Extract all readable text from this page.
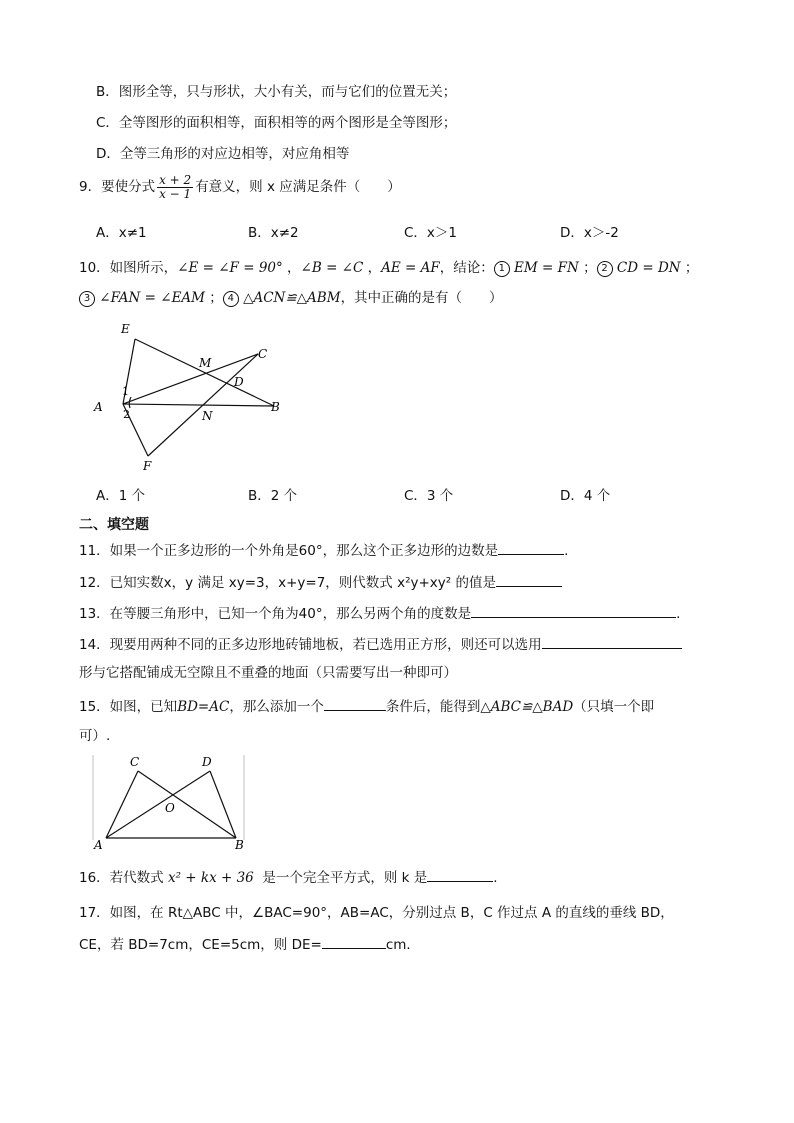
B．图形全等，只与形状，大小有关，而与它们的位置无关；
C．全等图形的面积相等，面积相等的两个图形是全等图形；
D．全等三角形的对应边相等，对应角相等
9．要使分式 $\frac{x + 2}{x - 1}$ 有意义，则 x 应满足条件（　　）
A．x≠1	B．x≠2	C．x＞1	D．x＞-2
10．如图所示，∠E = ∠F = 90° ，∠B = ∠C ，AE = AF，结论： 1 EM = FN ； 2 CD = DN ；
3 ∠FAN = ∠EAM ； 4 △ACN≌△ABM，其中正确的是有（　　）
E
C
M
D
A	B
N
F
1
2
A．1 个	B．2 个	C．3 个	D．4 个
二、填空题
11．如果一个正多边形的一个外角是60°，那么这个正多边形的边数是	.
12．已知实数x，y 满足 xy=3，x+y=7，则代数式 x²y+xy² 的值是
13．在等腰三角形中，已知一个角为40°，那么另两个角的度数是	.
14．现要用两种不同的正多边形地砖铺地板，若已选用正方形，则还可以选用
形与它搭配铺成无空隙且不重叠的地面（只需要写出一种即可）
15．如图，已知BD=AC，那么添加一个	条件后，能得到△ABC≌△BAD（只填一个即
可）.
C	D
O
A	B
16．若代数式 x² + kx + 36 是一个完全平方式，则 k 是	.
17．如图，在 Rt△ABC 中，∠BAC=90°，AB=AC，分别过点 B，C 作过点 A 的直线的垂线 BD，
CE，若 BD=7cm，CE=5cm，则 DE=	cm．
